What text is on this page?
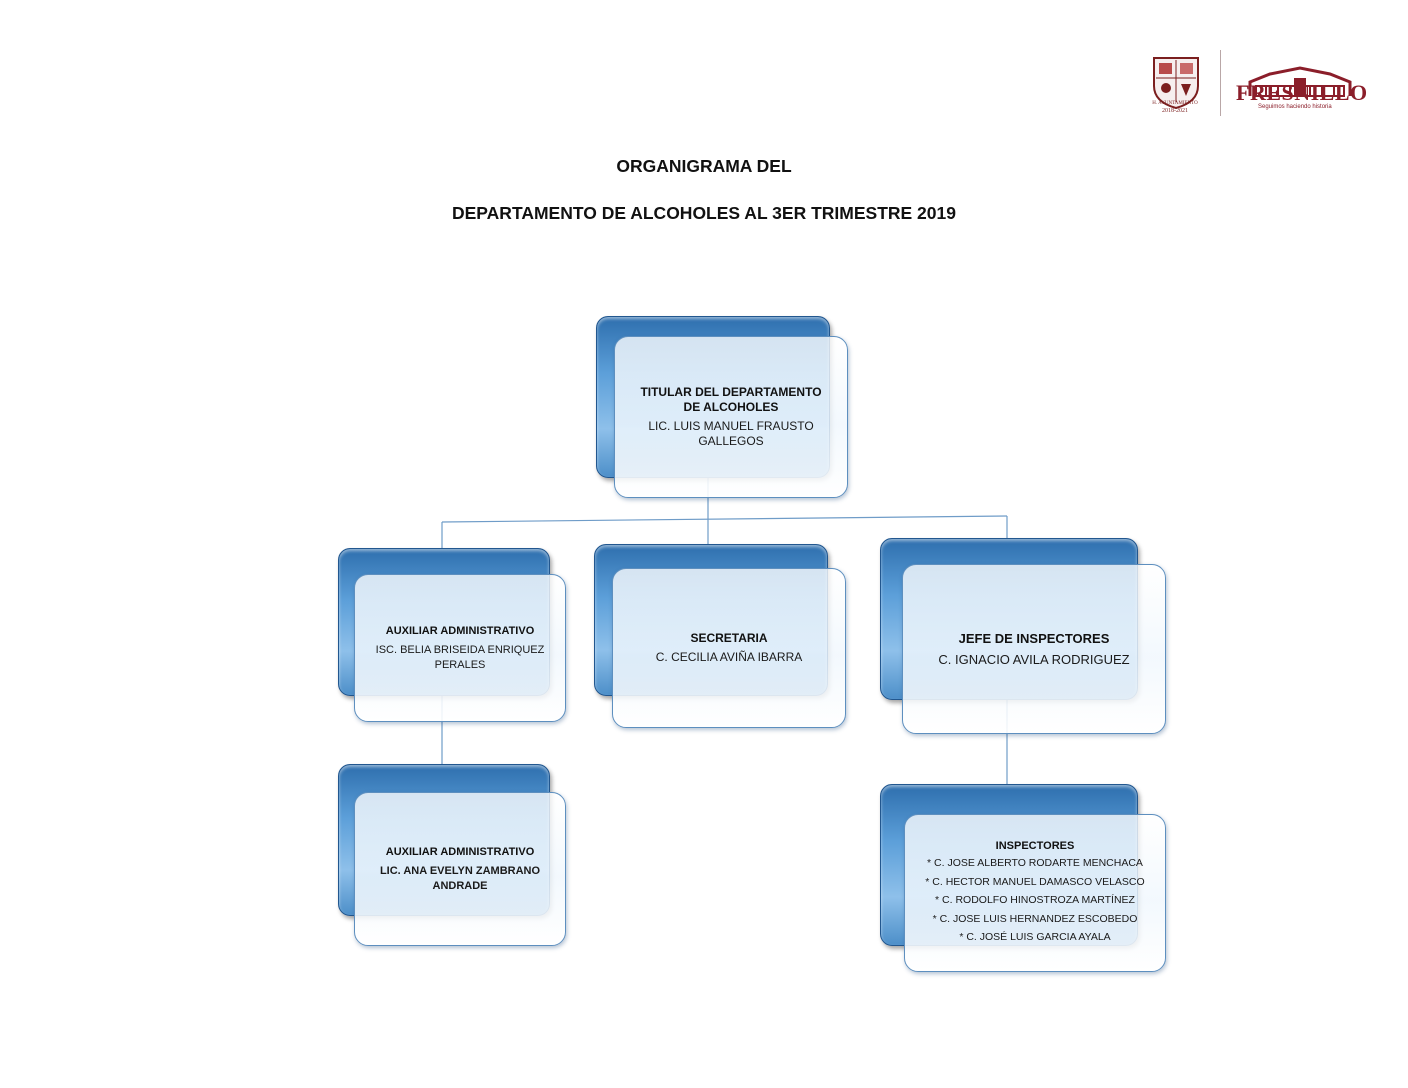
H. AYUNTAMIENTO
2018-2021
FRESNILLO
Seguimos haciendo historia
ORGANIGRAMA DEL
DEPARTAMENTO DE ALCOHOLES AL 3ER TRIMESTRE 2019
TITULAR DEL DEPARTAMENTO DE ALCOHOLES
LIC. LUIS MANUEL FRAUSTO GALLEGOS
AUXILIAR ADMINISTRATIVO
ISC. BELIA BRISEIDA ENRIQUEZ PERALES
SECRETARIA
C. CECILIA AVIÑA IBARRA
JEFE DE INSPECTORES
C. IGNACIO AVILA RODRIGUEZ
AUXILIAR ADMINISTRATIVO
LIC. ANA EVELYN ZAMBRANO ANDRADE
INSPECTORES
* C. JOSE ALBERTO RODARTE MENCHACA
* C. HECTOR MANUEL DAMASCO VELASCO
* C. RODOLFO HINOSTROZA MARTÍNEZ
* C. JOSE LUIS HERNANDEZ ESCOBEDO
* C. JOSÉ LUIS GARCIA AYALA
